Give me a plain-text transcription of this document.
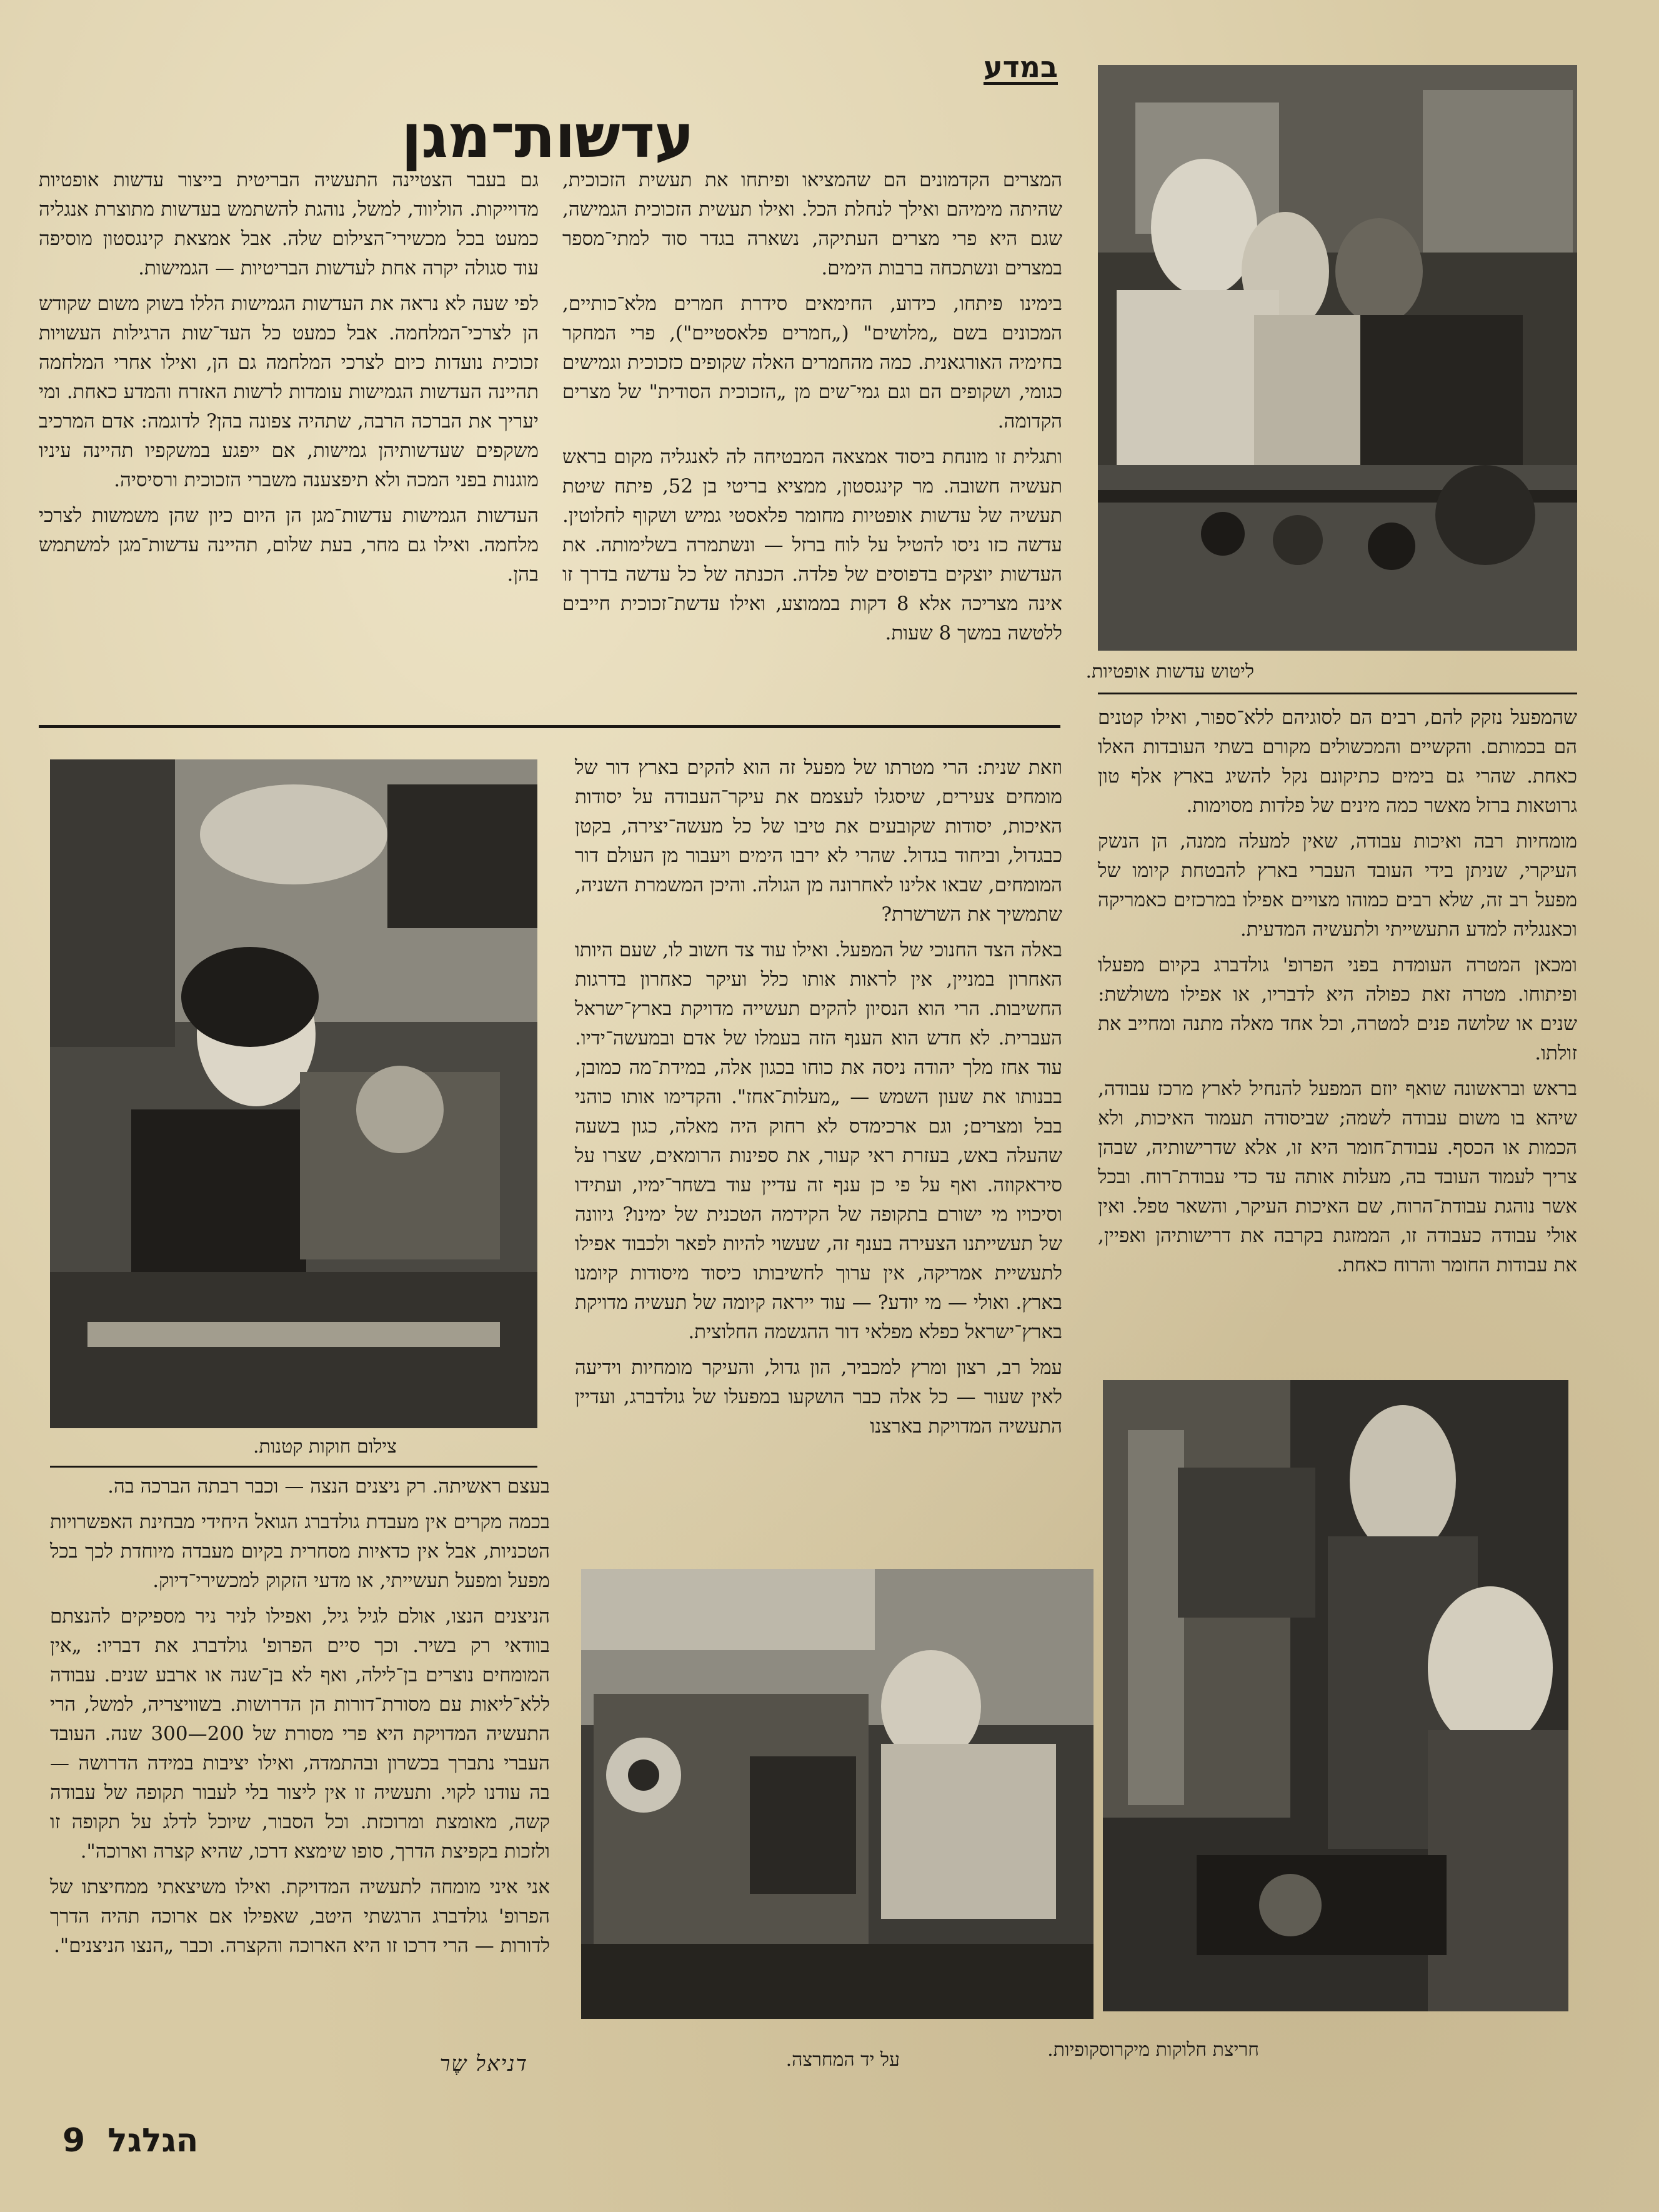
במדע
עדשות־מגן
ליטוש עדשות אופטיות.

המצרים הקדמונים הם שהמציאו ופיתחו את תעשית הזכוכית, שהיתה מימיהם ואילך לנחלת הכל. ואילו תעשית הזכוכית הגמישה, שגם היא פרי מצרים העתיקה, נשארה בגדר סוד למתי־מספר במצרים ונשתכחה ברבות הימים.

בימינו פיתחו, כידוע, החימאים סידרת חמרים מלא־כותיים, המכונים בשם „מלושים" („חמרים פלאסטיים"), פרי המחקר בחימיה האורגאנית. כמה מהחמרים האלה שקופים כזכוכית וגמישים כגומי, ושקופים הם וגם גמי־שים מן „הזכוכית הסודית" של מצרים הקדומה.

ותגלית זו מונחת ביסוד אמצאה המבטיחה לה לאנגליה מקום בראש תעשיה חשובה. מר קינגסטון, ממציא בריטי בן 52, פיתח שיטת תעשיה של עדשות אופטיות מחומר פלאסטי גמיש ושקוף לחלוטין. עדשה כזו ניסו להטיל על לוח ברזל — ונשתמרה בשלימותה. את העדשות יוצקים בדפוסים של פלדה. הכנתה של כל עדשה בדרך זו אינה מצריכה אלא 8 דקות בממוצע, ואילו עדשת־זכוכית חייבים ללטשה במשך 8 שעות.

גם בעבר הצטיינה התעשיה הבריטית בייצור עדשות אופטיות מדוייקות. הוליווד, למשל, נוהגת להשתמש בעדשות מתוצרת אנגליה כמעט בכל מכשירי־הצילום שלה. אבל אמצאת קינגסטון מוסיפה עוד סגולה יקרה אחת לעדשות הבריטיות — הגמישות.

לפי שעה לא נראה את העדשות הגמישות הללו בשוק משום שקודש הן לצרכי־המלחמה. אבל כמעט כל העד־שות הרגילות העשויות זכוכית נועדות כיום לצרכי המלחמה גם הן, ואילו אחרי המלחמה תהיינה העדשות הגמישות עומדות לרשות האזרח והמדע כאחת. ומי יעריך את הברכה הרבה, שתהיה צפונה בהן? לדוגמה: אדם המרכיב משקפים שעדשותיהן גמישות, אם ייפגע במשקפיו תהיינה עיניו מוגנות בפני המכה ולא תיפצענה משברי הזכוכית ורסיסיה.

העדשות הגמישות עדשות־מגן הן היום כיון שהן משמשות לצרכי מלחמה. ואילו גם מחר, בעת שלום, תהיינה עדשות־מגן למשתמש בהן.

שהמפעל נזקק להם, רבים הם לסוגיהם ללא־ספור, ואילו קטנים הם בכמותם. והקשיים והמכשולים מקורם בשתי העובדות האלו כאחת. שהרי גם בימים כתיקונם נקל להשיג בארץ אלף טון גרוטאות ברזל מאשר כמה מינים של פלדות מסוימות.

מומחיות רבה ואיכות עבודה, שאין למעלה ממנה, הן הנשק העיקרי, שניתן בידי העובד העברי בארץ להבטחת קיומו של מפעל רב זה, שלא רבים כמוהו מצויים אפילו במרכזים כאמריקה וכאנגליה למדע התעשייתי ולתעשיה המדעית.

ומכאן המטרה העומדת בפני הפרופ' גולדברג בקיום מפעלו ופיתוחו. מטרה זאת כפולה היא לדבריו, או אפילו משולשת: שנים או שלושה פנים למטרה, וכל אחד מאלה מתנה ומחייב את זולתו.

בראש ובראשונה שואף יוזם המפעל להנחיל לארץ מרכז עבודה, שיהא בו משום עבודה לשמה; שביסודה תעמוד האיכות, ולא הכמות או הכסף. עבודת־חומר היא זו, אלא שדרישותיה, שבהן צריך לעמוד העובד בה, מעלות אותה עד כדי עבודת־רוח. ובכל אשר נוהגת עבודת־הרוח, שם האיכות העיקר, והשאר טפל. ואין אולי עבודה כעבודה זו, הממזגת בקרבה את דרישותיהן ואפיין, את עבודות החומר והרוח כאחת.

וזאת שנית: הרי מטרתו של מפעל זה הוא להקים בארץ דור של מומחים צעירים, שיסגלו לעצמם את עיקר־העבודה על יסודות האיכות, יסודות שקובעים את טיבו של כל מעשה־יצירה, בקטן כבגדול, וביחוד בגדול. שהרי לא ירבו הימים ויעבור מן העולם דור המומחים, שבאו אלינו לאחרונה מן הגולה. והיכן המשמרת השניה, שתמשיך את השרשרת?

באלה הצד החנוכי של המפעל. ואילו עוד צד חשוב לו, שעם היותו האחרון במניין, אין לראות אותו כלל ועיקר כאחרון בדרגות החשיבות. הרי הוא הנסיון להקים תעשייה מדויקת בארץ־ישראל העברית. לא חדש הוא הענף הזה בעמלו של אדם ובמעשה־ידיו. עוד אחז מלך יהודה ניסה את כוחו בכגון אלה, במידת־מה כמובן, בבנותו את שעון השמש — „מעלות־אחז". והקדימו אותו כוהני בבל ומצרים; וגם ארכימדס לא רחוק היה מאלה, כגון בשעה שהעלה באש, בעזרת ראי קעור, את ספינות הרומאים, שצרו על סיראקוזה. ואף על פי כן ענף זה עדיין עוד בשחר־ימיו, ועתידו וסיכויו מי ישורם בתקופה של הקידמה הטכנית של ימינו? גיוונה של תעשייתנו הצעירה בענף זה, שעשוי להיות לפאר ולכבוד אפילו לתעשיית אמריקה, אין ערוך לחשיבותו כיסוד מיסודות קיומנו בארץ. ואולי — מי יודע? — עוד ייראה קיומה של תעשיה מדויקת בארץ־ישראל כפלא מפלאי דור ההגשמה החלוצית.

עמל רב, רצון ומרץ למכביר, הון גדול, והעיקר מומחיות וידיעה לאין שעור — כל אלה כבר הושקעו במפעלו של גולדברג, ועדיין התעשיה המדויקת בארצנו

צילום חוקות קטנות.

בעצם ראשיתה. רק ניצנים הנצה — וכבר רבתה הברכה בה.

בכמה מקרים אין מעבדת גולדברג הגואל היחידי מבחינת האפשרויות הטכניות, אבל אין כדאיות מסחרית בקיום מעבדה מיוחדת לכך בכל מפעל ומפעל תעשייתי, או מדעי הזקוק למכשירי־דיוק.

הניצנים הנצו, אולם לגיל גיל, ואפילו לניר ניר מספיקים להנצתם בוודאי רק בשיר. וכך סיים הפרופ' גולדברג את דבריו: „אין המומחים נוצרים בן־לילה, ואף לא בן־שנה או ארבע שנים. עבודה ללא־ליאות עם מסורת־דורות הן הדרושות. בשוויצריה, למשל, הרי התעשיה המדויקת היא פרי מסורת של 200—300 שנה. העובד העברי נתברך בכשרון ובהתמדה, ואילו יציבות במידה הדרושה — בה עודנו לקוי. ותעשיה זו אין ליצור בלי לעבור תקופה של עבודה קשה, מאומצת ומרוכזת. וכל הסבור, שיוכל לדלג על תקופה זו ולזכות בקפיצת הדרך, סופו שימצא דרכו, שהיא קצרה וארוכה".

אני איני מומחה לתעשיה המדויקת. ואילו משיצאתי ממחיצתו של הפרופ' גולדברג הרגשתי היטב, שאפילו אם ארוכה תהיה הדרך לדורות — הרי דרכו זו היא הארוכה והקצרה. וכבר „הנצו הניצנים".

דניאל שֶר
חריצת חלוקות מיקרוסקופיות.
על יד המחרצה.
9 הגלגל
